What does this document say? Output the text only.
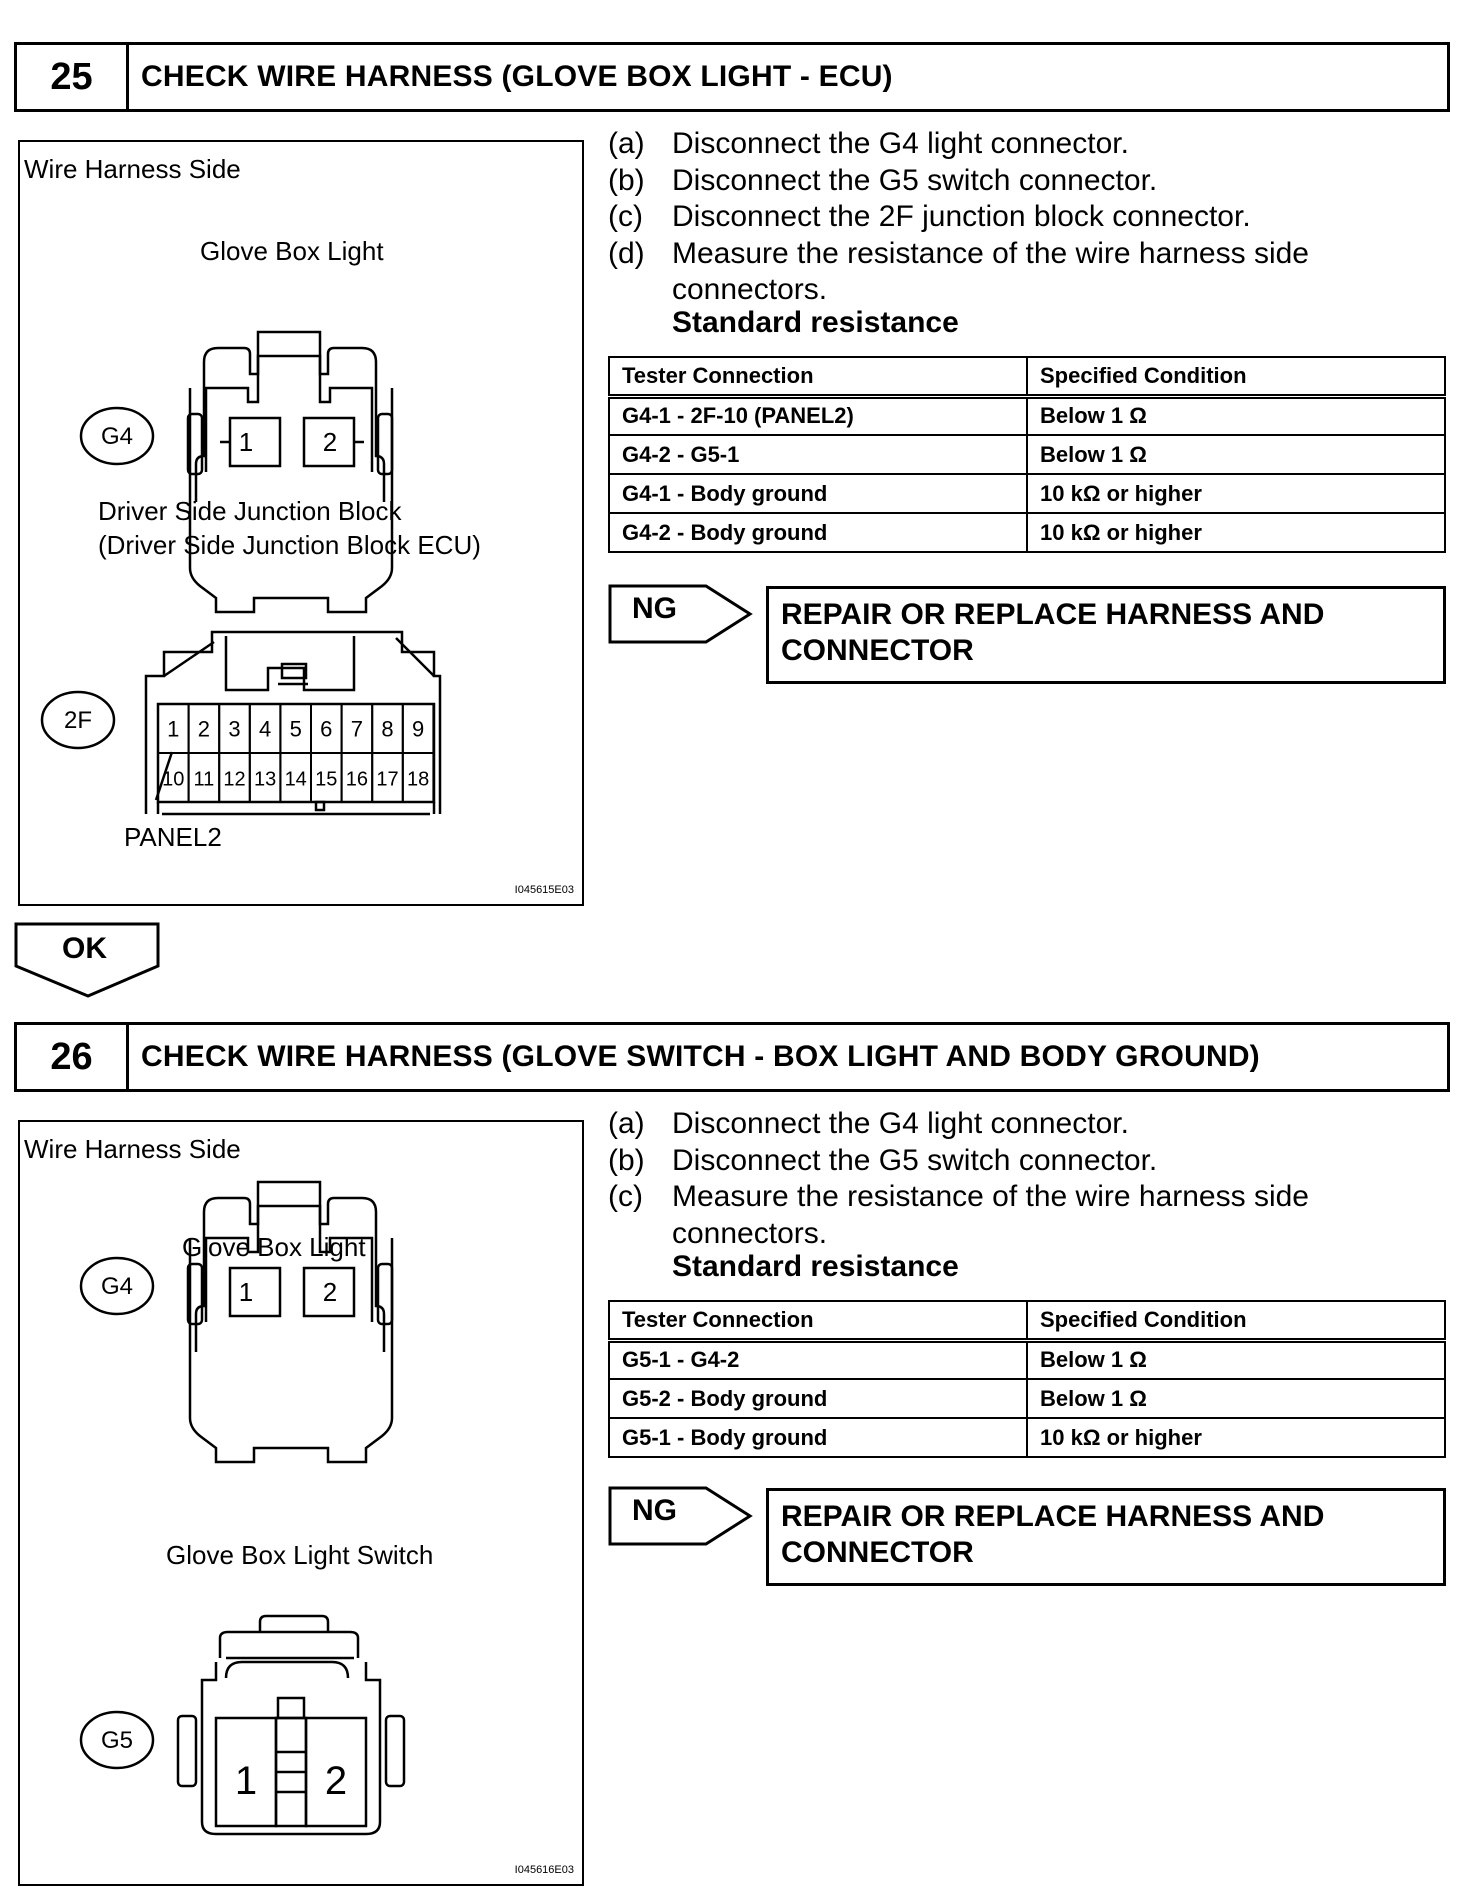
25	CHECK WIRE HARNESS (GLOVE BOX LIGHT - ECU)
1	2
G4
1 2 3 4 5 6 7 8 9
10 11 12 13 14 15 16 17 18
2F
Wire Harness Side
Glove Box Light
Driver Side Junction Block
(Driver Side Junction Block ECU)
PANEL2
I045615E03
(a) Disconnect the G4 light connector.
(b) Disconnect the G5 switch connector.
(c) Disconnect the 2F junction block connector.
(d) Measure the resistance of the wire harness side connectors.
Standard resistance
Tester Connection	Specified Condition
G4-1 - 2F-10 (PANEL2)	Below 1 Ω
G4-2 - G5-1	Below 1 Ω
G4-1 - Body ground	10 kΩ or higher
G4-2 - Body ground	10 kΩ or higher
NG	REPAIR OR REPLACE HARNESS AND
CONNECTOR
OK
26	CHECK WIRE HARNESS (GLOVE SWITCH - BOX LIGHT AND BODY GROUND)
1	2
G4
1 2
G5
Wire Harness Side
Glove Box Light
Glove Box Light Switch
I045616E03
(a) Disconnect the G4 light connector.
(b) Disconnect the G5 switch connector.
(c) Measure the resistance of the wire harness side connectors.
Standard resistance
Tester Connection	Specified Condition
G5-1 - G4-2	Below 1 Ω
G5-2 - Body ground	Below 1 Ω
G5-1 - Body ground	10 kΩ or higher
NG	REPAIR OR REPLACE HARNESS AND
CONNECTOR
